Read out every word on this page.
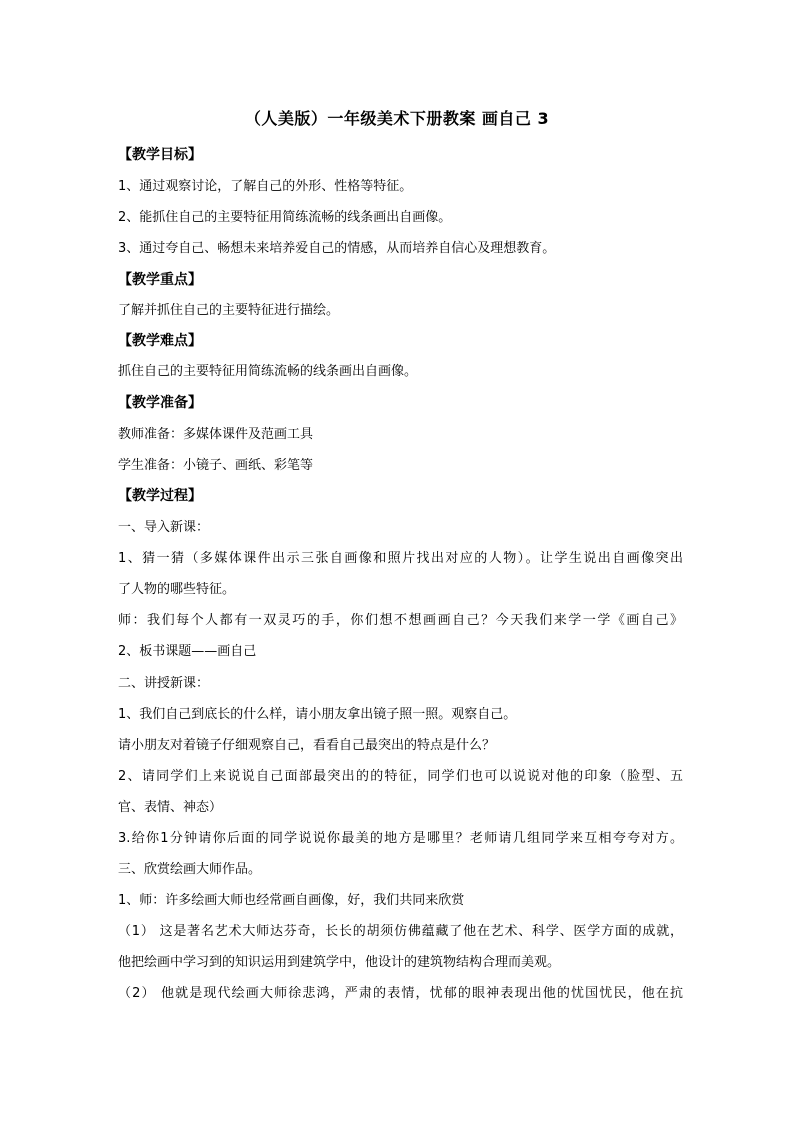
（人美版）一年级美术下册教案 画自己 3
【教学目标】
1、通过观察讨论，了解自己的外形、性格等特征。
2、能抓住自己的主要特征用简练流畅的线条画出自画像。
3、通过夸自己、畅想未来培养爱自己的情感，从而培养自信心及理想教育。
【教学重点】
了解并抓住自己的主要特征进行描绘。
【教学难点】
抓住自己的主要特征用简练流畅的线条画出自画像。
【教学准备】
教师准备：多媒体课件及范画工具
学生准备：小镜子、画纸、彩笔等
【教学过程】
一、导入新课：
1、猜一猜（多媒体课件出示三张自画像和照片找出对应的人物）。让学生说出自画像突出
了人物的哪些特征。
师：我们每个人都有一双灵巧的手，你们想不想画画自己？今天我们来学一学《画自己》
2、板书课题——画自己
二、讲授新课：
1、我们自己到底长的什么样，请小朋友拿出镜子照一照。观察自己。
请小朋友对着镜子仔细观察自己，看看自己最突出的特点是什么？
2、请同学们上来说说自己面部最突出的的特征，同学们也可以说说对他的印象（脸型、五
官、表情、神态）
3.给你1分钟请你后面的同学说说你最美的地方是哪里？老师请几组同学来互相夸夸对方。
三、欣赏绘画大师作品。
1、师：许多绘画大师也经常画自画像，好，我们共同来欣赏
（1） 这是著名艺术大师达芬奇，长长的胡须仿佛蕴藏了他在艺术、科学、医学方面的成就，
他把绘画中学习到的知识运用到建筑学中，他设计的建筑物结构合理而美观。
（2） 他就是现代绘画大师徐悲鸿，严肃的表情，忧郁的眼神表现出他的忧国忧民，他在抗
